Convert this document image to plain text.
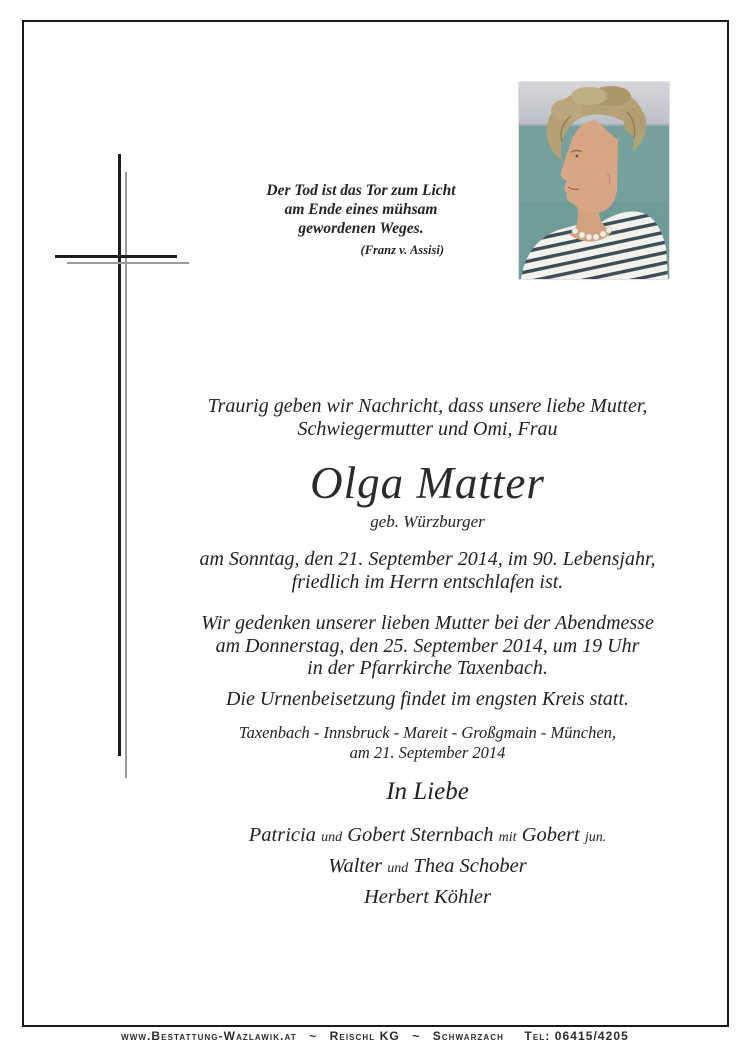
Der Tod ist das Tor zum Licht
am Ende eines mühsam
gewordenen Weges.
(Franz v. Assisi)
Traurig geben wir Nachricht, dass unsere liebe Mutter,
Schwiegermutter und Omi, Frau
Olga Matter
geb. Würzburger
am Sonntag, den 21. September 2014, im 90. Lebensjahr,
friedlich im Herrn entschlafen ist.
Wir gedenken unserer lieben Mutter bei der Abendmesse
am Donnerstag, den 25. September 2014, um 19 Uhr
in der Pfarrkirche Taxenbach.
Die Urnenbeisetzung findet im engsten Kreis statt.
Taxenbach - Innsbruck - Mareit - Großgmain - München,
am 21. September 2014
In Liebe
Patricia und Gobert Sternbach mit Gobert jun.
Walter und Thea Schober
Herbert Köhler
www.Bestattung-Wazlawik.at ~ Reischl KG ~ Schwarzach Tel: 06415/4205
